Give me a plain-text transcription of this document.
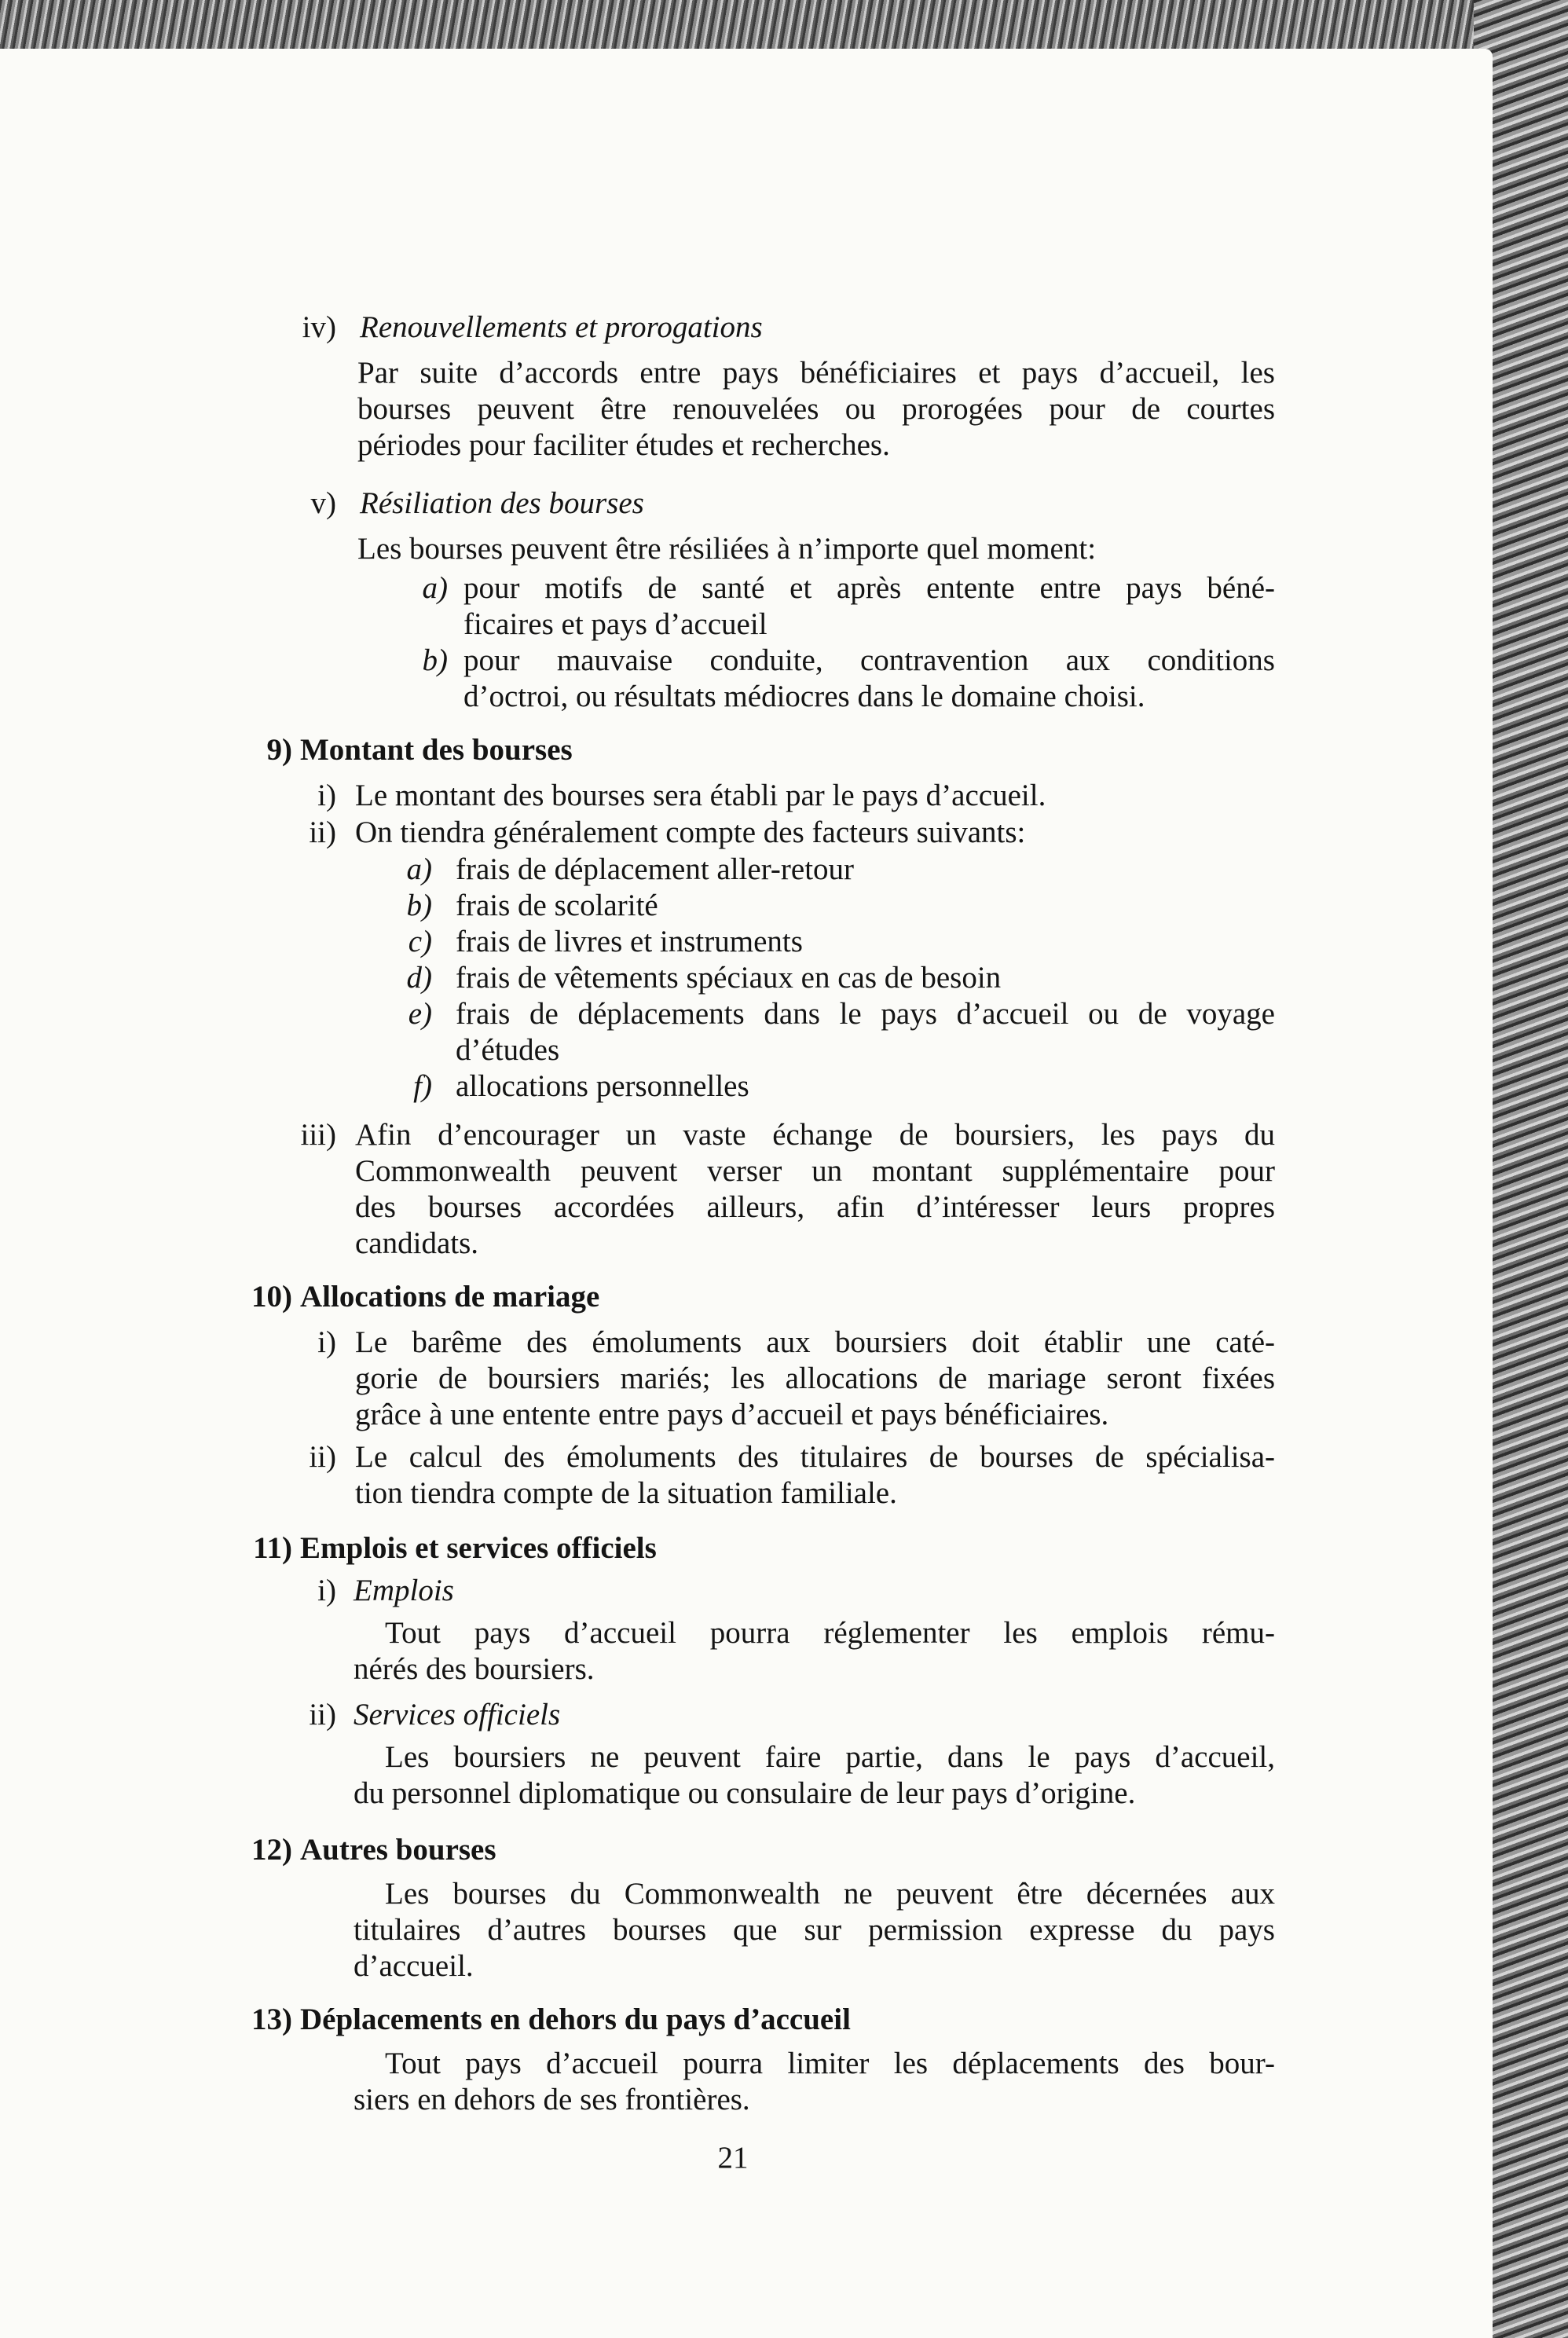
iv) Renouvellements et prorogations
Par suite d’accords entre pays bénéficiaires et pays d’accueil, les
bourses peuvent être renouvelées ou prorogées pour de courtes
périodes pour faciliter études et recherches.
v) Résiliation des bourses
Les bourses peuvent être résiliées à n’importe quel moment:
a) pour motifs de santé et après entente entre pays béné-
ficaires et pays d’accueil
b) pour mauvaise conduite, contravention aux conditions
d’octroi, ou résultats médiocres dans le domaine choisi.
9) Montant des bourses
i) Le montant des bourses sera établi par le pays d’accueil.
ii) On tiendra généralement compte des facteurs suivants:
a) frais de déplacement aller-retour
b) frais de scolarité
c) frais de livres et instruments
d) frais de vêtements spéciaux en cas de besoin
e) frais de déplacements dans le pays d’accueil ou de voyage
d’études
f) allocations personnelles
iii) Afin d’encourager un vaste échange de boursiers, les pays du
Commonwealth peuvent verser un montant supplémentaire pour
des bourses accordées ailleurs, afin d’intéresser leurs propres
candidats.
10) Allocations de mariage
i) Le barême des émoluments aux boursiers doit établir une caté-
gorie de boursiers mariés; les allocations de mariage seront fixées
grâce à une entente entre pays d’accueil et pays bénéficiaires.
ii) Le calcul des émoluments des titulaires de bourses de spécialisa-
tion tiendra compte de la situation familiale.
11) Emplois et services officiels
i) Emplois
Tout pays d’accueil pourra réglementer les emplois rému-
nérés des boursiers.
ii) Services officiels
Les boursiers ne peuvent faire partie, dans le pays d’accueil,
du personnel diplomatique ou consulaire de leur pays d’origine.
12) Autres bourses
Les bourses du Commonwealth ne peuvent être décernées aux
titulaires d’autres bourses que sur permission expresse du pays
d’accueil.
13) Déplacements en dehors du pays d’accueil
Tout pays d’accueil pourra limiter les déplacements des bour-
siers en dehors de ses frontières.
21
